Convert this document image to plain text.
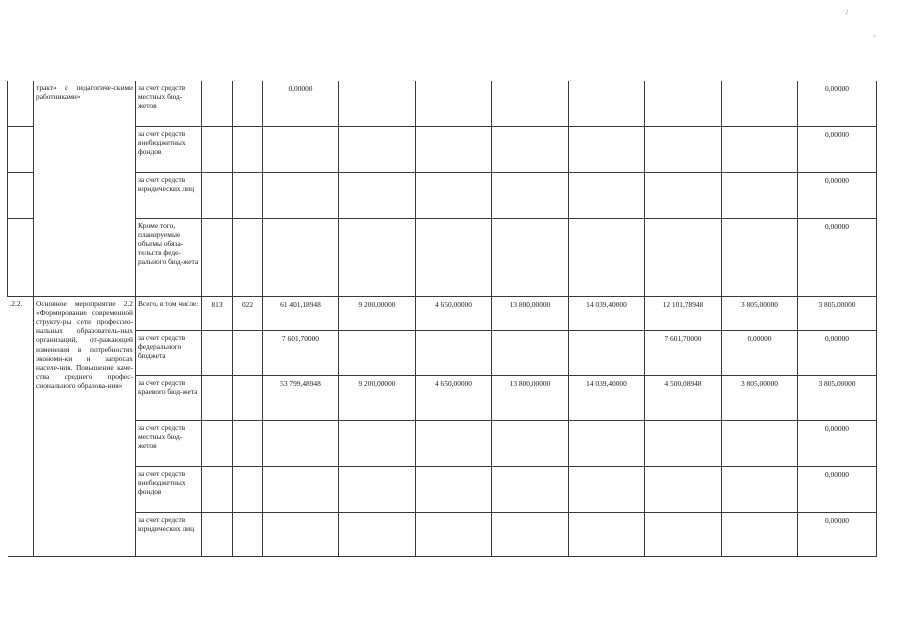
/
'

	тракт» с педагогиче-скими работниками»	за счет средств местных бюд-жетов			0,00000							0,00000

		за счет средств внебюджетных фондов										0,00000

		за счет средств юридических лиц										0,00000

		Кроме того, планируемые объемы обяза-тельств феде-рального бюд-жета										0,00000

.2.2.	Основное мероприятие 2.2 «Формирование современной структу-ры сети профессио-нальных образователь-ных организаций, от-ражающей изменения в потребностях экономи-ки и запросах населе-ния. Повышение каче-ства среднего профес-сионального образова-ния»	Всего, в том числе:	813	022	61 401,18948	9 200,00000	4 650,00000	13 800,00000	14 039,40000	12 101,78948	3 805,00000	3 805,00000

		за счет средств федерального бюджета			7 601,70000					7 601,70000	0,00000	0,00000

		за счет средств краевого бюд-жета			53 799,48948	9 200,00000	4 650,00000	13 800,00000	14 039,40000	4 500,08948	3 805,00000	3 805,00000

		за счет средств местных бюд-жетов										0,00000

		за счет средств внебюджетных фондов										0,00000

		за счет средств юридических лиц										0,00000
